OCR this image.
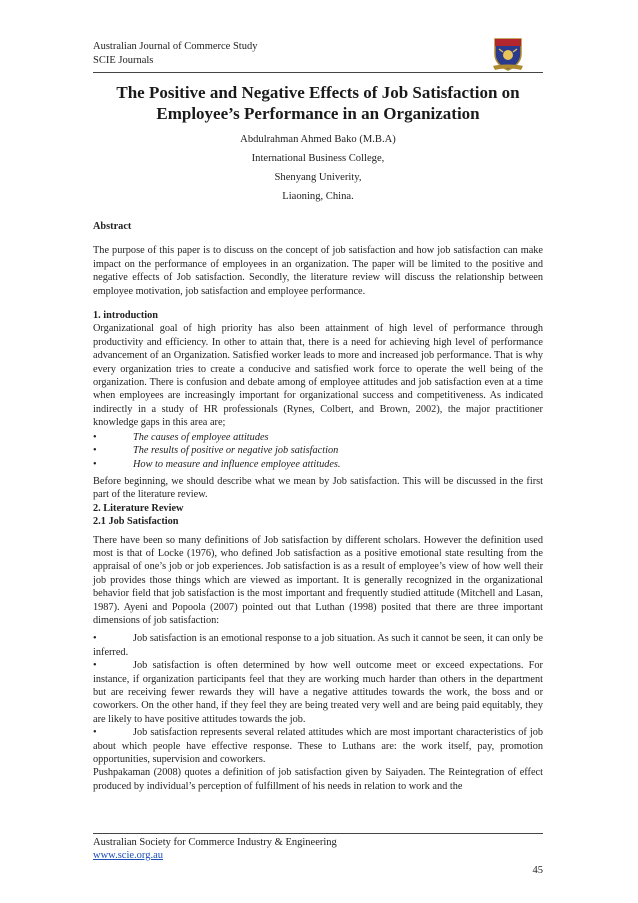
Australian Journal of Commerce Study
SCIE Journals
The Positive and Negative Effects of Job Satisfaction on
Employee’s Performance in an Organization
Abdulrahman Ahmed Bako (M.B.A)
International Business College,
Shenyang Univerity,
Liaoning, China.

Abstract

The purpose of this paper is to discuss on the concept of job satisfaction and how job satisfaction can make impact on the performance of employees in an organization. The paper will be limited to the positive and negative effects of Job satisfaction. Secondly, the literature review will discuss the relationship between employee motivation, job satisfaction and employee performance.

1. introduction

Organizational goal of high priority has also been attainment of high level of performance through productivity and efficiency. In other to attain that, there is a need for achieving high level of performance advancement of an Organization. Satisfied worker leads to more and increased job performance. That is why every organization tries to create a conducive and satisfied work force to operate the well being of the organization. There is confusion and debate among of employee attitudes and job satisfaction even at a time when employees are increasingly important for organizational success and competitiveness. As indicated indirectly in a study of HR professionals (Rynes, Colbert, and Brown, 2002), the major practitioner knowledge gaps in this area are;

•	The causes of employee attitudes
•	The results of positive or negative job satisfaction
•	How to measure and influence employee attitudes.

Before beginning, we should describe what we mean by Job satisfaction. This will be discussed in the first part of the literature review.

2. Literature Review

2.1 Job Satisfaction

There have been so many definitions of Job satisfaction by different scholars. However the definition used most is that of Locke (1976), who defined Job satisfaction as a positive emotional state resulting from the appraisal of one’s job or job experiences. Job satisfaction is as a result of employee’s view of how well their job provides those things which are viewed as important. It is generally recognized in the organizational behavior field that job satisfaction is the most important and frequently studied attitude (Mitchell and Lasan, 1987). Ayeni and Popoola (2007) pointed out that Luthan (1998) posited that there are three important dimensions of job satisfaction:

•	Job satisfaction is an emotional response to a job situation. As such it cannot be seen, it can only be inferred.

•	Job satisfaction is often determined by how well outcome meet or exceed expectations. For instance, if organization participants feel that they are working much harder than others in the department but are receiving fewer rewards they will have a negative attitudes towards the work, the boss and or coworkers. On the other hand, if they feel they are being treated very well and are being paid equitably, they are likely to have positive attitudes towards the job.

•	Job satisfaction represents several related attitudes which are most important characteristics of job about which people have effective response. These to Luthans are: the work itself, pay, promotion opportunities, supervision and coworkers.

Pushpakaman (2008) quotes a definition of job satisfaction given by Saiyaden. The Reintegration of effect produced by individual’s perception of fulfillment of his needs in relation to work and the

Australian Society for Commerce Industry & Engineering
www.scie.org.au
45
